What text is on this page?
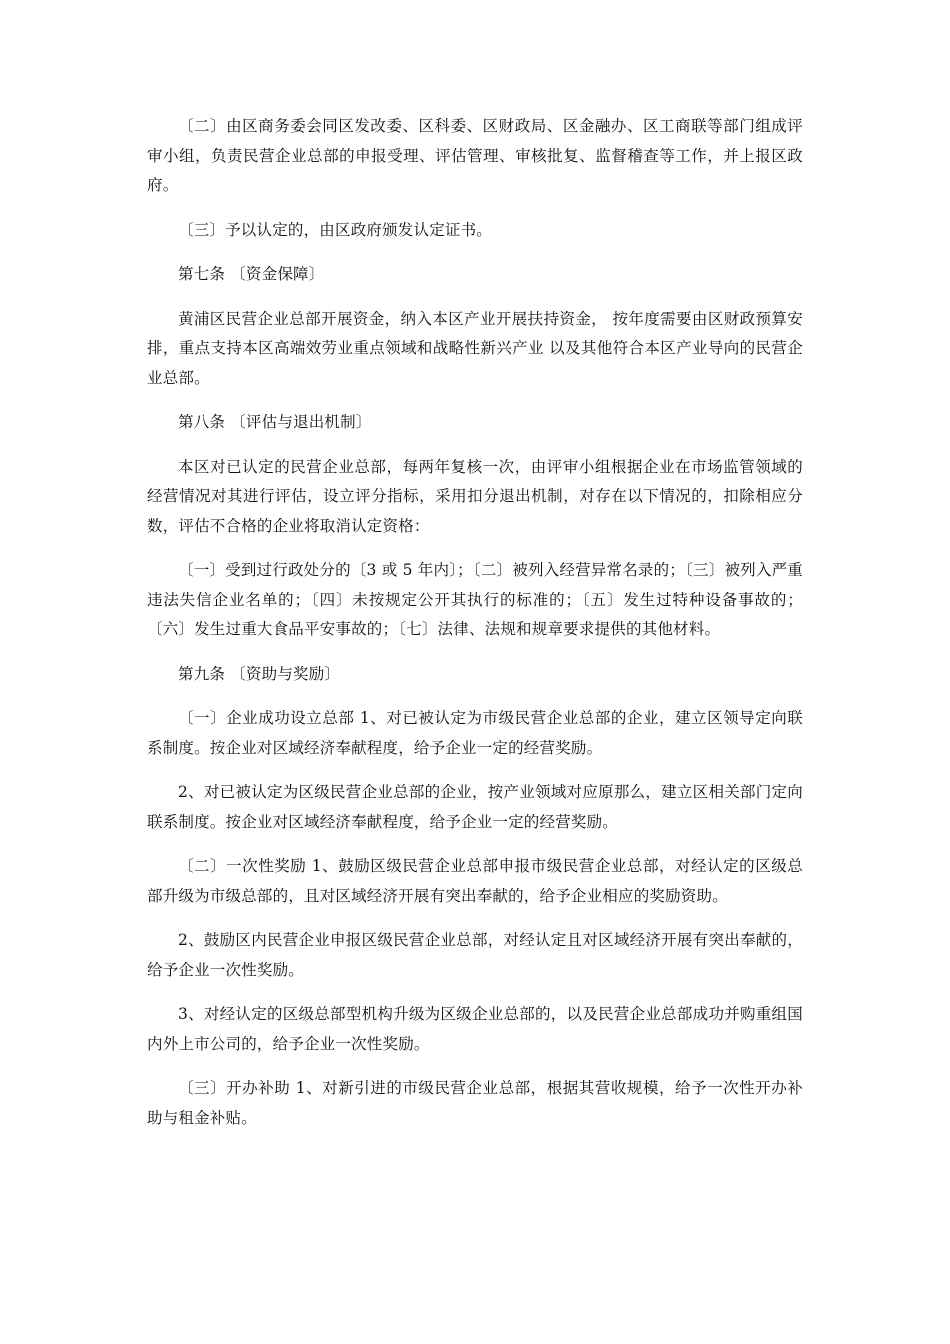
〔二〕由区商务委会同区发改委、区科委、区财政局、区金融办、区工商联等部门组成评审小组，负责民营企业总部的申报受理、评估管理、审核批复、监督稽查等工作，并上报区政府。

〔三〕予以认定的，由区政府颁发认定证书。

第七条 〔资金保障〕

黄浦区民营企业总部开展资金，纳入本区产业开展扶持资金， 按年度需要由区财政预算安排，重点支持本区高端效劳业重点领域和战略性新兴产业 以及其他符合本区产业导向的民营企业总部。

第八条 〔评估与退出机制〕

本区对已认定的民营企业总部，每两年复核一次，由评审小组根据企业在市场监管领域的经营情况对其进行评估，设立评分指标，采用扣分退出机制，对存在以下情况的，扣除相应分数，评估不合格的企业将取消认定资格：

〔一〕受到过行政处分的〔3 或 5 年内〕；〔二〕被列入经营异常名录的；〔三〕被列入严重违法失信企业名单的；〔四〕未按规定公开其执行的标准的；〔五〕发生过特种设备事故的；〔六〕发生过重大食品平安事故的；〔七〕法律、法规和规章要求提供的其他材料。

第九条 〔资助与奖励〕

〔一〕企业成功设立总部 1、对已被认定为市级民营企业总部的企业，建立区领导定向联系制度。按企业对区域经济奉献程度，给予企业一定的经营奖励。

2、对已被认定为区级民营企业总部的企业，按产业领域对应原那么，建立区相关部门定向联系制度。按企业对区域经济奉献程度，给予企业一定的经营奖励。

〔二〕一次性奖励 1、鼓励区级民营企业总部申报市级民营企业总部，对经认定的区级总部升级为市级总部的，且对区域经济开展有突出奉献的，给予企业相应的奖励资助。

2、鼓励区内民营企业申报区级民营企业总部，对经认定且对区域经济开展有突出奉献的，给予企业一次性奖励。

3、对经认定的区级总部型机构升级为区级企业总部的，以及民营企业总部成功并购重组国内外上市公司的，给予企业一次性奖励。

〔三〕开办补助 1、对新引进的市级民营企业总部，根据其营收规模，给予一次性开办补助与租金补贴。
